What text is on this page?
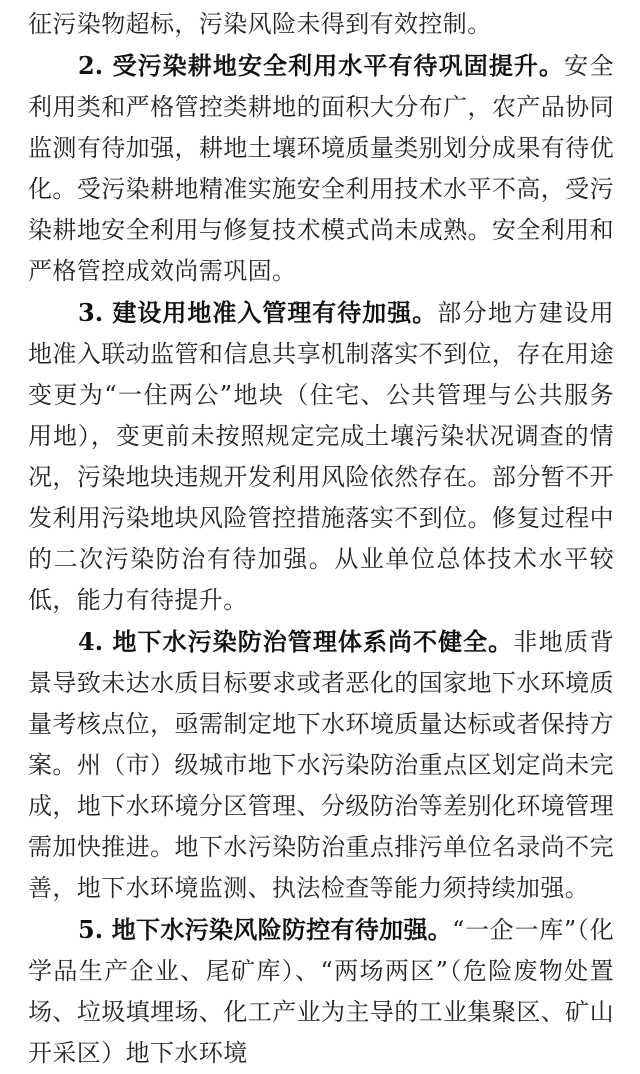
征污染物超标，污染风险未得到有效控制。

2. 受污染耕地安全利用水平有待巩固提升。安全利用类和严格管控类耕地的面积大分布广，农产品协同监测有待加强，耕地土壤环境质量类别划分成果有待优化。受污染耕地精准实施安全利用技术水平不高，受污染耕地安全利用与修复技术模式尚未成熟。安全利用和严格管控成效尚需巩固。

3. 建设用地准入管理有待加强。部分地方建设用地准入联动监管和信息共享机制落实不到位，存在用途变更为“一住两公”地块（住宅、公共管理与公共服务用地），变更前未按照规定完成土壤污染状况调查的情况，污染地块违规开发利用风险依然存在。部分暂不开发利用污染地块风险管控措施落实不到位。修复过程中的二次污染防治有待加强。从业单位总体技术水平较低，能力有待提升。

4. 地下水污染防治管理体系尚不健全。非地质背景导致未达水质目标要求或者恶化的国家地下水环境质量考核点位，亟需制定地下水环境质量达标或者保持方案。州（市）级城市地下水污染防治重点区划定尚未完成，地下水环境分区管理、分级防治等差别化环境管理需加快推进。地下水污染防治重点排污单位名录尚不完善，地下水环境监测、执法检查等能力须持续加强。

5. 地下水污染风险防控有待加强。“一企一库”（化学品生产企业、尾矿库）、“两场两区”（危险废物处置场、垃圾填埋场、化工产业为主导的工业集聚区、矿山开采区）地下水环境
